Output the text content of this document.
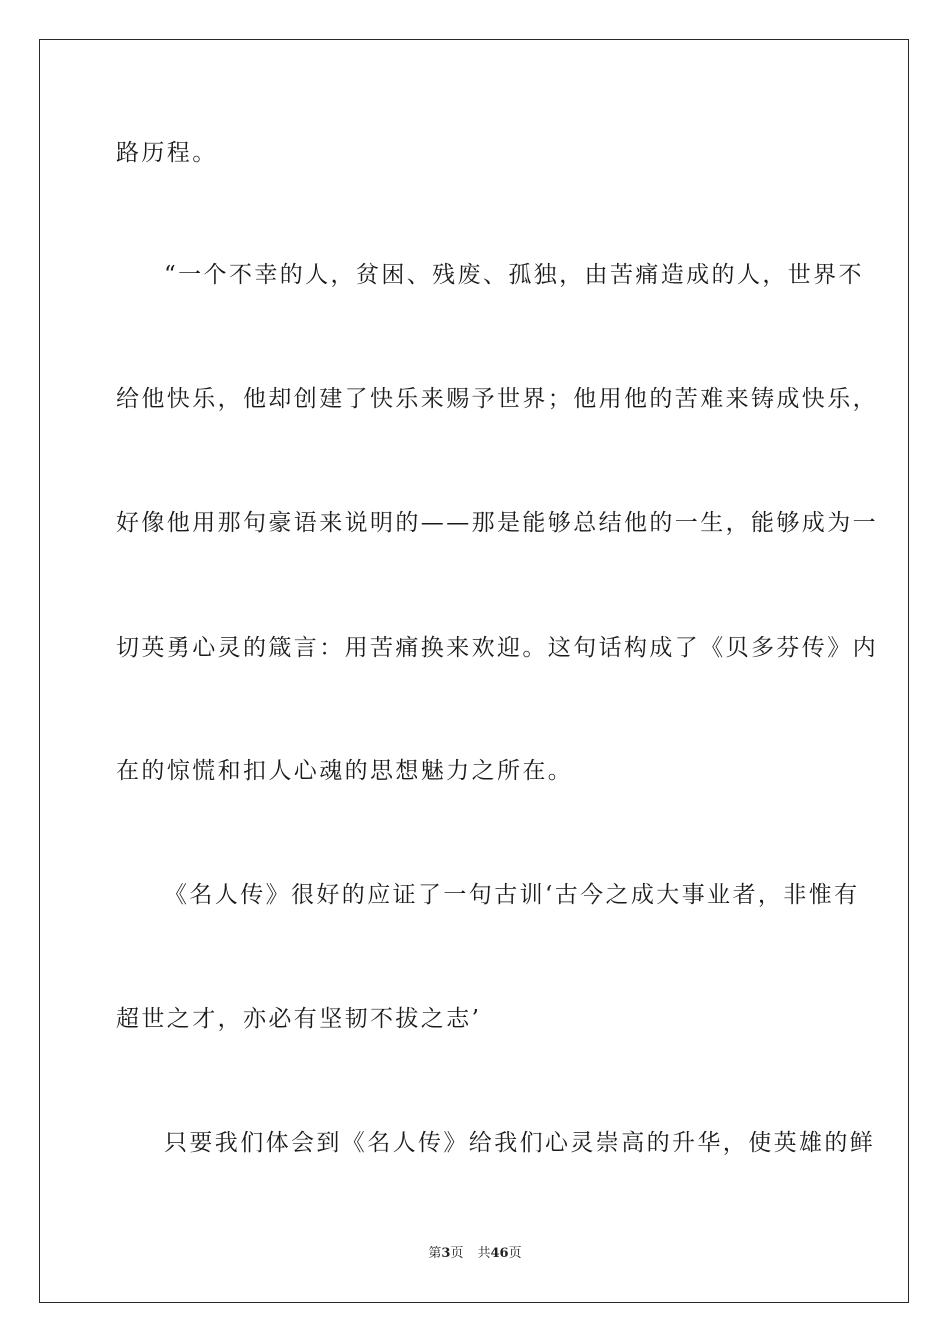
路历程。
“一个不幸的人，贫困、残废、孤独，由苦痛造成的人，世界不
给他快乐，他却创建了快乐来赐予世界；他用他的苦难来铸成快乐，
好像他用那句豪语来说明的——那是能够总结他的一生，能够成为一
切英勇心灵的箴言：用苦痛换来欢迎。这句话构成了《贝多芬传》内
在的惊慌和扣人心魂的思想魅力之所在。
《名人传》很好的应证了一句古训‘古今之成大事业者，非惟有
超世之才，亦必有坚韧不拔之志’
只要我们体会到《名人传》给我们心灵崇高的升华，使英雄的鲜
第3页 共46页
